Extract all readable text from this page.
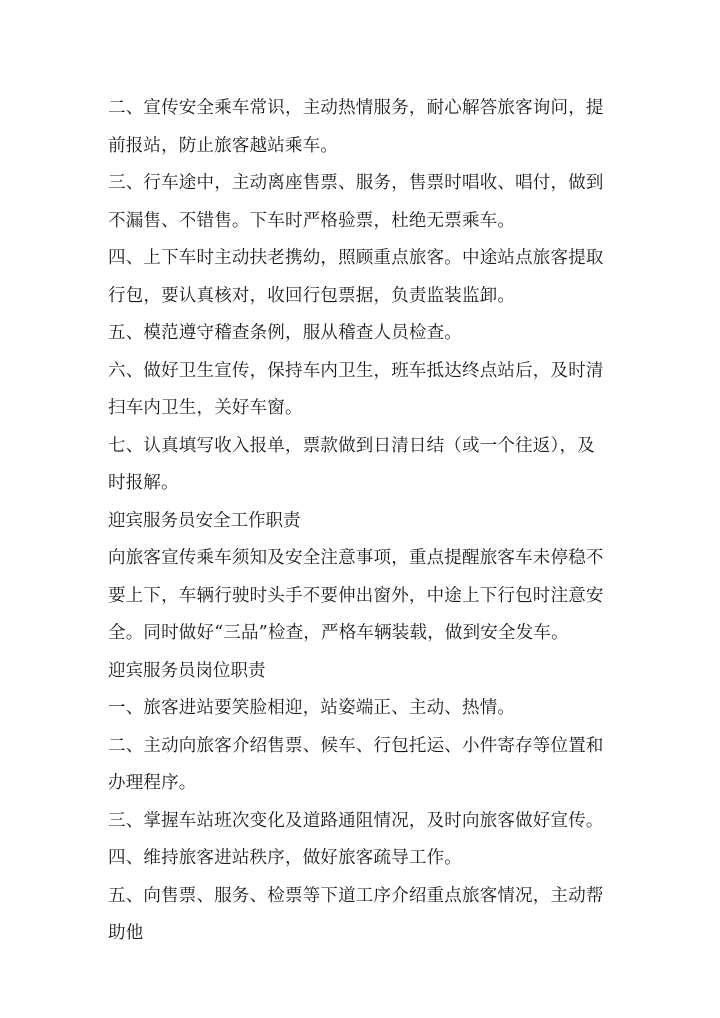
二、宣传安全乘车常识，主动热情服务，耐心解答旅客询问，提前报站，防止旅客越站乘车。

三、行车途中，主动离座售票、服务，售票时唱收、唱付，做到不漏售、不错售。下车时严格验票，杜绝无票乘车。

四、上下车时主动扶老携幼，照顾重点旅客。中途站点旅客提取行包，要认真核对，收回行包票据，负责监装监卸。

五、模范遵守稽查条例，服从稽查人员检查。

六、做好卫生宣传，保持车内卫生，班车抵达终点站后，及时清扫车内卫生，关好车窗。

七、认真填写收入报单，票款做到日清日结（或一个往返），及时报解。

迎宾服务员安全工作职责

向旅客宣传乘车须知及安全注意事项，重点提醒旅客车未停稳不要上下，车辆行驶时头手不要伸出窗外，中途上下行包时注意安全。同时做好“三品”检查，严格车辆装载，做到安全发车。

迎宾服务员岗位职责

一、旅客进站要笑脸相迎，站姿端正、主动、热情。

二、主动向旅客介绍售票、候车、行包托运、小件寄存等位置和办理程序。

三、掌握车站班次变化及道路通阻情况，及时向旅客做好宣传。

四、维持旅客进站秩序，做好旅客疏导工作。

五、向售票、服务、检票等下道工序介绍重点旅客情况，主动帮助他
